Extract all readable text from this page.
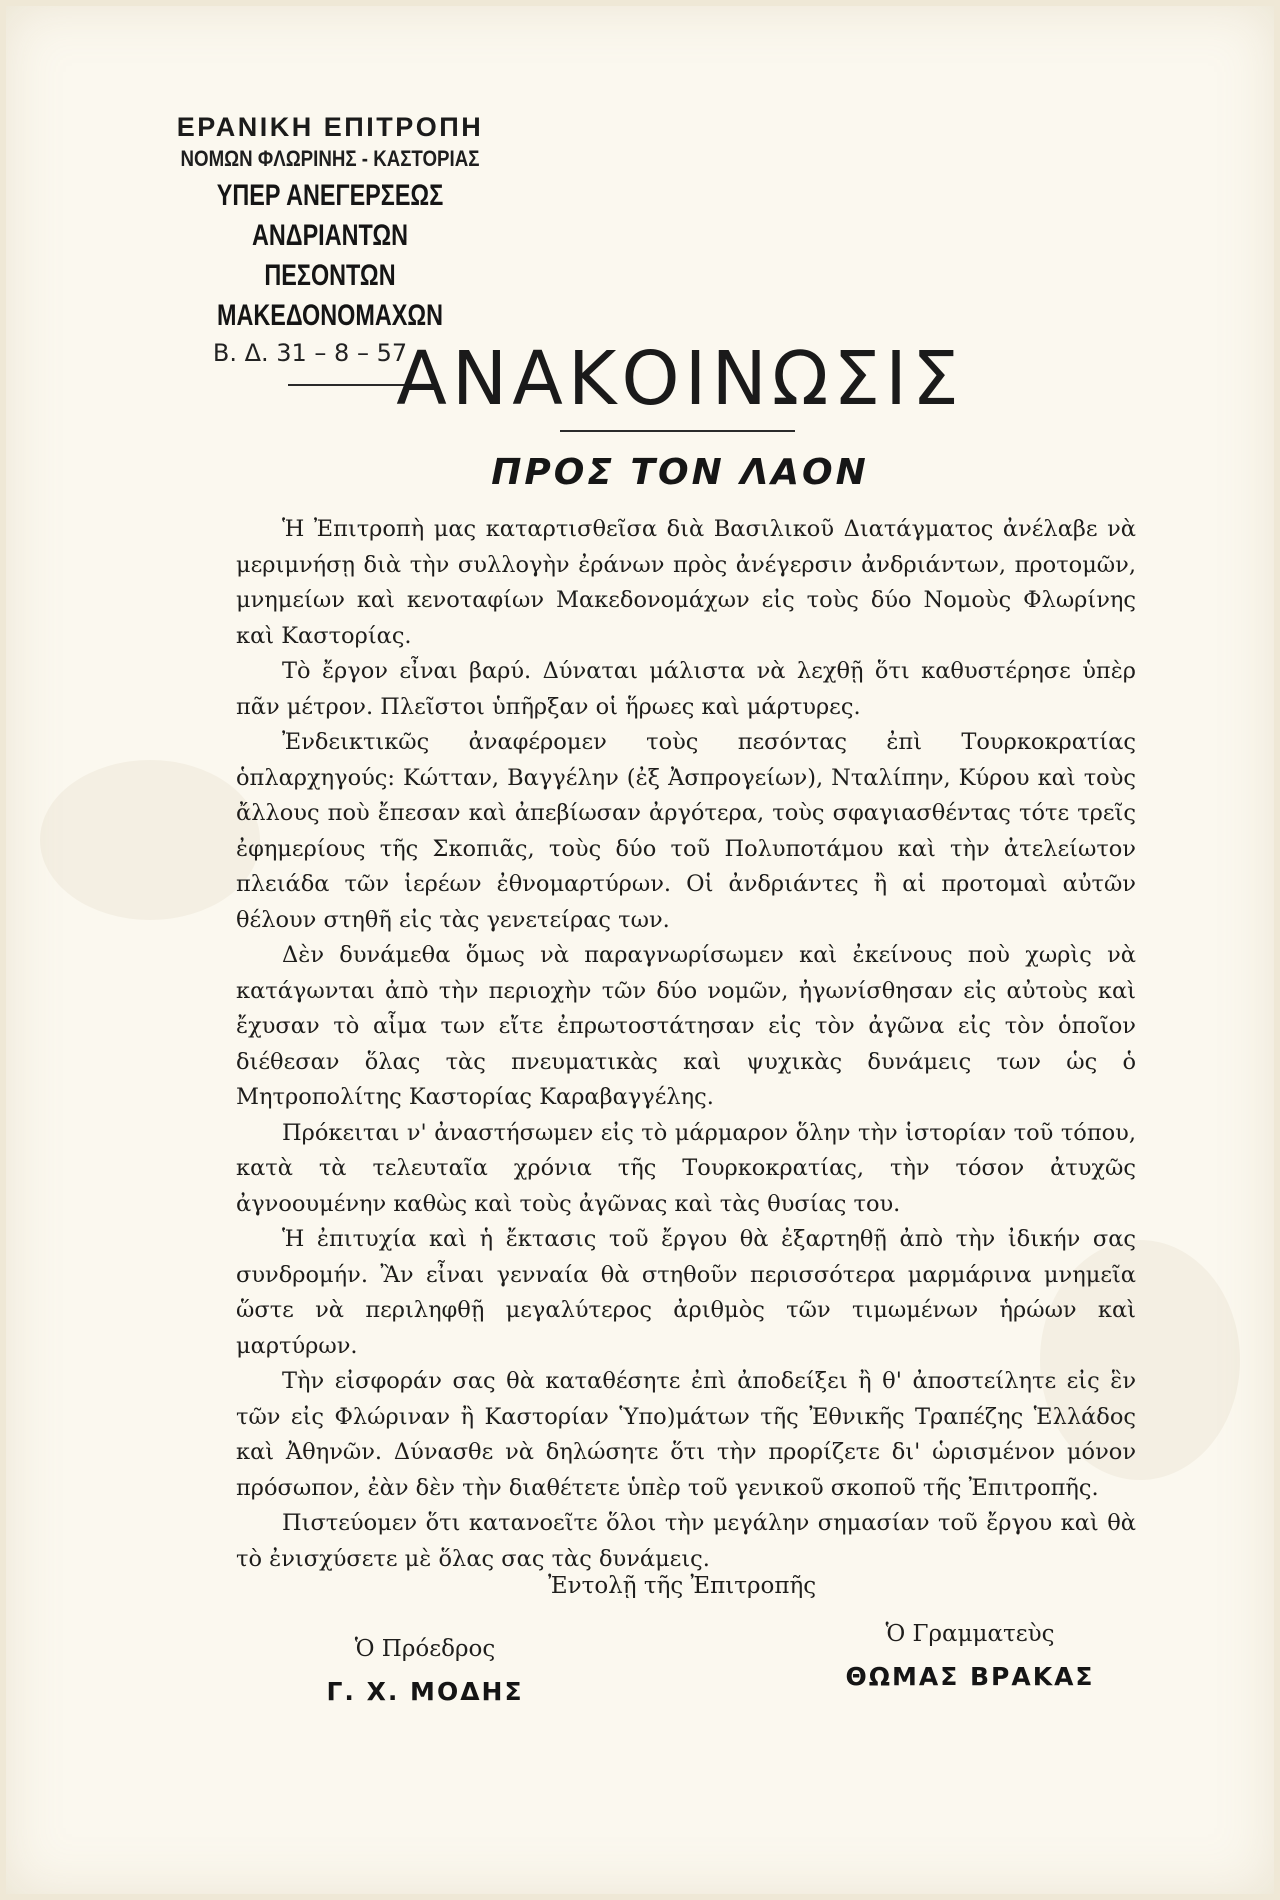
ΕΡΑΝΙΚΗ ΕΠΙΤΡΟΠΗ
ΝΟΜΩΝ ΦΛΩΡΙΝΗΣ - ΚΑΣΤΟΡΙΑΣ
ΥΠΕΡ ΑΝΕΓΕΡΣΕΩΣ ΑΝΔΡΙΑΝΤΩΝ
ΠΕΣΟΝΤΩΝ ΜΑΚΕΔΟΝΟΜΑΧΩΝ
Β. Δ. 31 – 8 – 57
ΑΝΑΚΟΙΝΩΣΙΣ
ΠΡΟΣ ΤΟΝ ΛΑΟΝ

Ἡ Ἐπιτροπὴ μας καταρτισθεῖσα διὰ Βασιλικοῦ Διατάγματος ἀνέλαβε νὰ μεριμνήσῃ διὰ τὴν συλλογὴν ἐράνων πρὸς ἀνέγερσιν ἀνδριάντων, προτομῶν, μνημείων καὶ κενοταφίων Μακεδονομάχων εἰς τοὺς δύο Νομοὺς Φλωρίνης καὶ Καστορίας.

Τὸ ἔργον εἶναι βαρύ. Δύναται μάλιστα νὰ λεχθῇ ὅτι καθυστέρησε ὑπὲρ πᾶν μέτρον. Πλεῖστοι ὑπῆρξαν οἱ ἥρωες καὶ μάρτυρες.

Ἐνδεικτικῶς ἀναφέρομεν τοὺς πεσόντας ἐπὶ Τουρκοκρατίας ὁπλαρχηγούς: Κώτταν, Βαγγέλην (ἐξ Ἀσπρογείων), Νταλίπην, Κύρου καὶ τοὺς ἄλλους ποὺ ἔπεσαν καὶ ἀπεβίωσαν ἀργότερα, τοὺς σφαγιασθέντας τότε τρεῖς ἐφημερίους τῆς Σκοπιᾶς, τοὺς δύο τοῦ Πολυποτάμου καὶ τὴν ἀτελείωτον πλειάδα τῶν ἱερέων ἐθνομαρτύρων. Οἱ ἀνδριάντες ἢ αἱ προτομαὶ αὐτῶν θέλουν στηθῆ εἰς τὰς γενετείρας των.

Δὲν δυνάμεθα ὅμως νὰ παραγνωρίσωμεν καὶ ἐκείνους ποὺ χωρὶς νὰ κατάγωνται ἀπὸ τὴν περιοχὴν τῶν δύο νομῶν, ἠγωνίσθησαν εἰς αὐτοὺς καὶ ἔχυσαν τὸ αἷμα των εἴτε ἐπρωτοστάτησαν εἰς τὸν ἀγῶνα εἰς τὸν ὁποῖον διέθεσαν ὅλας τὰς πνευματικὰς καὶ ψυχικὰς δυνάμεις των ὡς ὁ Μητροπολίτης Καστορίας Καραβαγγέλης.

Πρόκειται ν' ἀναστήσωμεν εἰς τὸ μάρμαρον ὅλην τὴν ἱστορίαν τοῦ τόπου, κατὰ τὰ τελευταῖα χρόνια τῆς Τουρκοκρατίας, τὴν τόσον ἀτυχῶς ἀγνοουμένην καθὼς καὶ τοὺς ἀγῶνας καὶ τὰς θυσίας του.

Ἡ ἐπιτυχία καὶ ἡ ἔκτασις τοῦ ἔργου θὰ ἐξαρτηθῇ ἀπὸ τὴν ἰδικήν σας συνδρομήν. Ἂν εἶναι γενναία θὰ στηθοῦν περισσότερα μαρμάρινα μνημεῖα ὥστε νὰ περιληφθῇ μεγαλύτερος ἀριθμὸς τῶν τιμωμένων ἡρώων καὶ μαρτύρων.

Τὴν εἰσφοράν σας θὰ καταθέσητε ἐπὶ ἀποδείξει ἢ θ' ἀποστείλητε εἰς ἓν τῶν εἰς Φλώριναν ἢ Καστορίαν Ὑπο)μάτων τῆς Ἐθνικῆς Τραπέζης Ἑλλάδος καὶ Ἀθηνῶν. Δύνασθε νὰ δηλώσητε ὅτι τὴν προρίζετε δι' ὡρισμένον μόνον πρόσωπον, ἐὰν δὲν τὴν διαθέτετε ὑπὲρ τοῦ γενικοῦ σκοποῦ τῆς Ἐπιτροπῆς.

Πιστεύομεν ὅτι κατανοεῖτε ὅλοι τὴν μεγάλην σημασίαν τοῦ ἔργου καὶ θὰ τὸ ἐνισχύσετε μὲ ὅλας σας τὰς δυνάμεις.

Ἐντολῇ τῆς Ἐπιτροπῆς
Ὁ Πρόεδρος
Γ. Χ. ΜΟΔΗΣ
Ὁ Γραμματεὺς
ΘΩΜΑΣ ΒΡΑΚΑΣ
